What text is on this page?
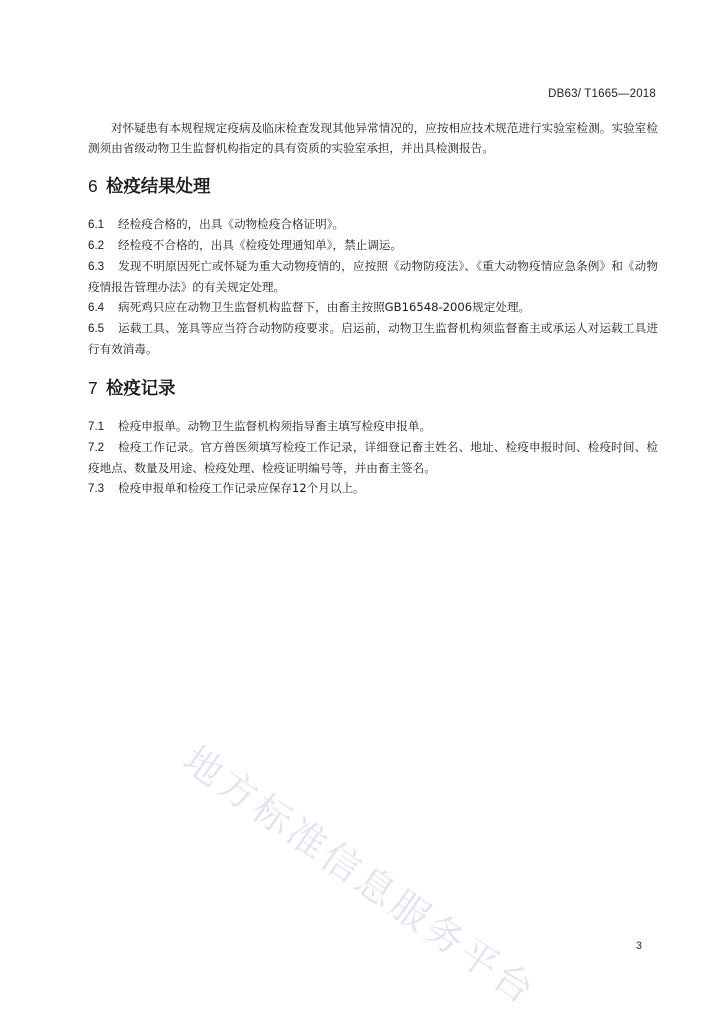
DB63/ T1665—2018

对怀疑患有本规程规定疫病及临床检查发现其他异常情况的，应按相应技术规范进行实验室检测。实验室检测须由省级动物卫生监督机构指定的具有资质的实验室承担，并出具检测报告。

6 检疫结果处理
6.1 经检疫合格的，出具《动物检疫合格证明》。
6.2 经检疫不合格的，出具《检疫处理通知单》，禁止调运。
6.3 发现不明原因死亡或怀疑为重大动物疫情的，应按照《动物防疫法》、《重大动物疫情应急条例》和《动物疫情报告管理办法》的有关规定处理。
6.4 病死鸡只应在动物卫生监督机构监督下，由畜主按照GB16548-2006规定处理。
6.5 运载工具、笼具等应当符合动物防疫要求。启运前，动物卫生监督机构须监督畜主或承运人对运载工具进行有效消毒。
7 检疫记录
7.1 检疫申报单。动物卫生监督机构须指导畜主填写检疫申报单。
7.2 检疫工作记录。官方兽医须填写检疫工作记录，详细登记畜主姓名、地址、检疫申报时间、检疫时间、检疫地点、数量及用途、检疫处理、检疫证明编号等，并由畜主签名。
7.3 检疫申报单和检疫工作记录应保存12个月以上。
地方标准信息服务平台	3
